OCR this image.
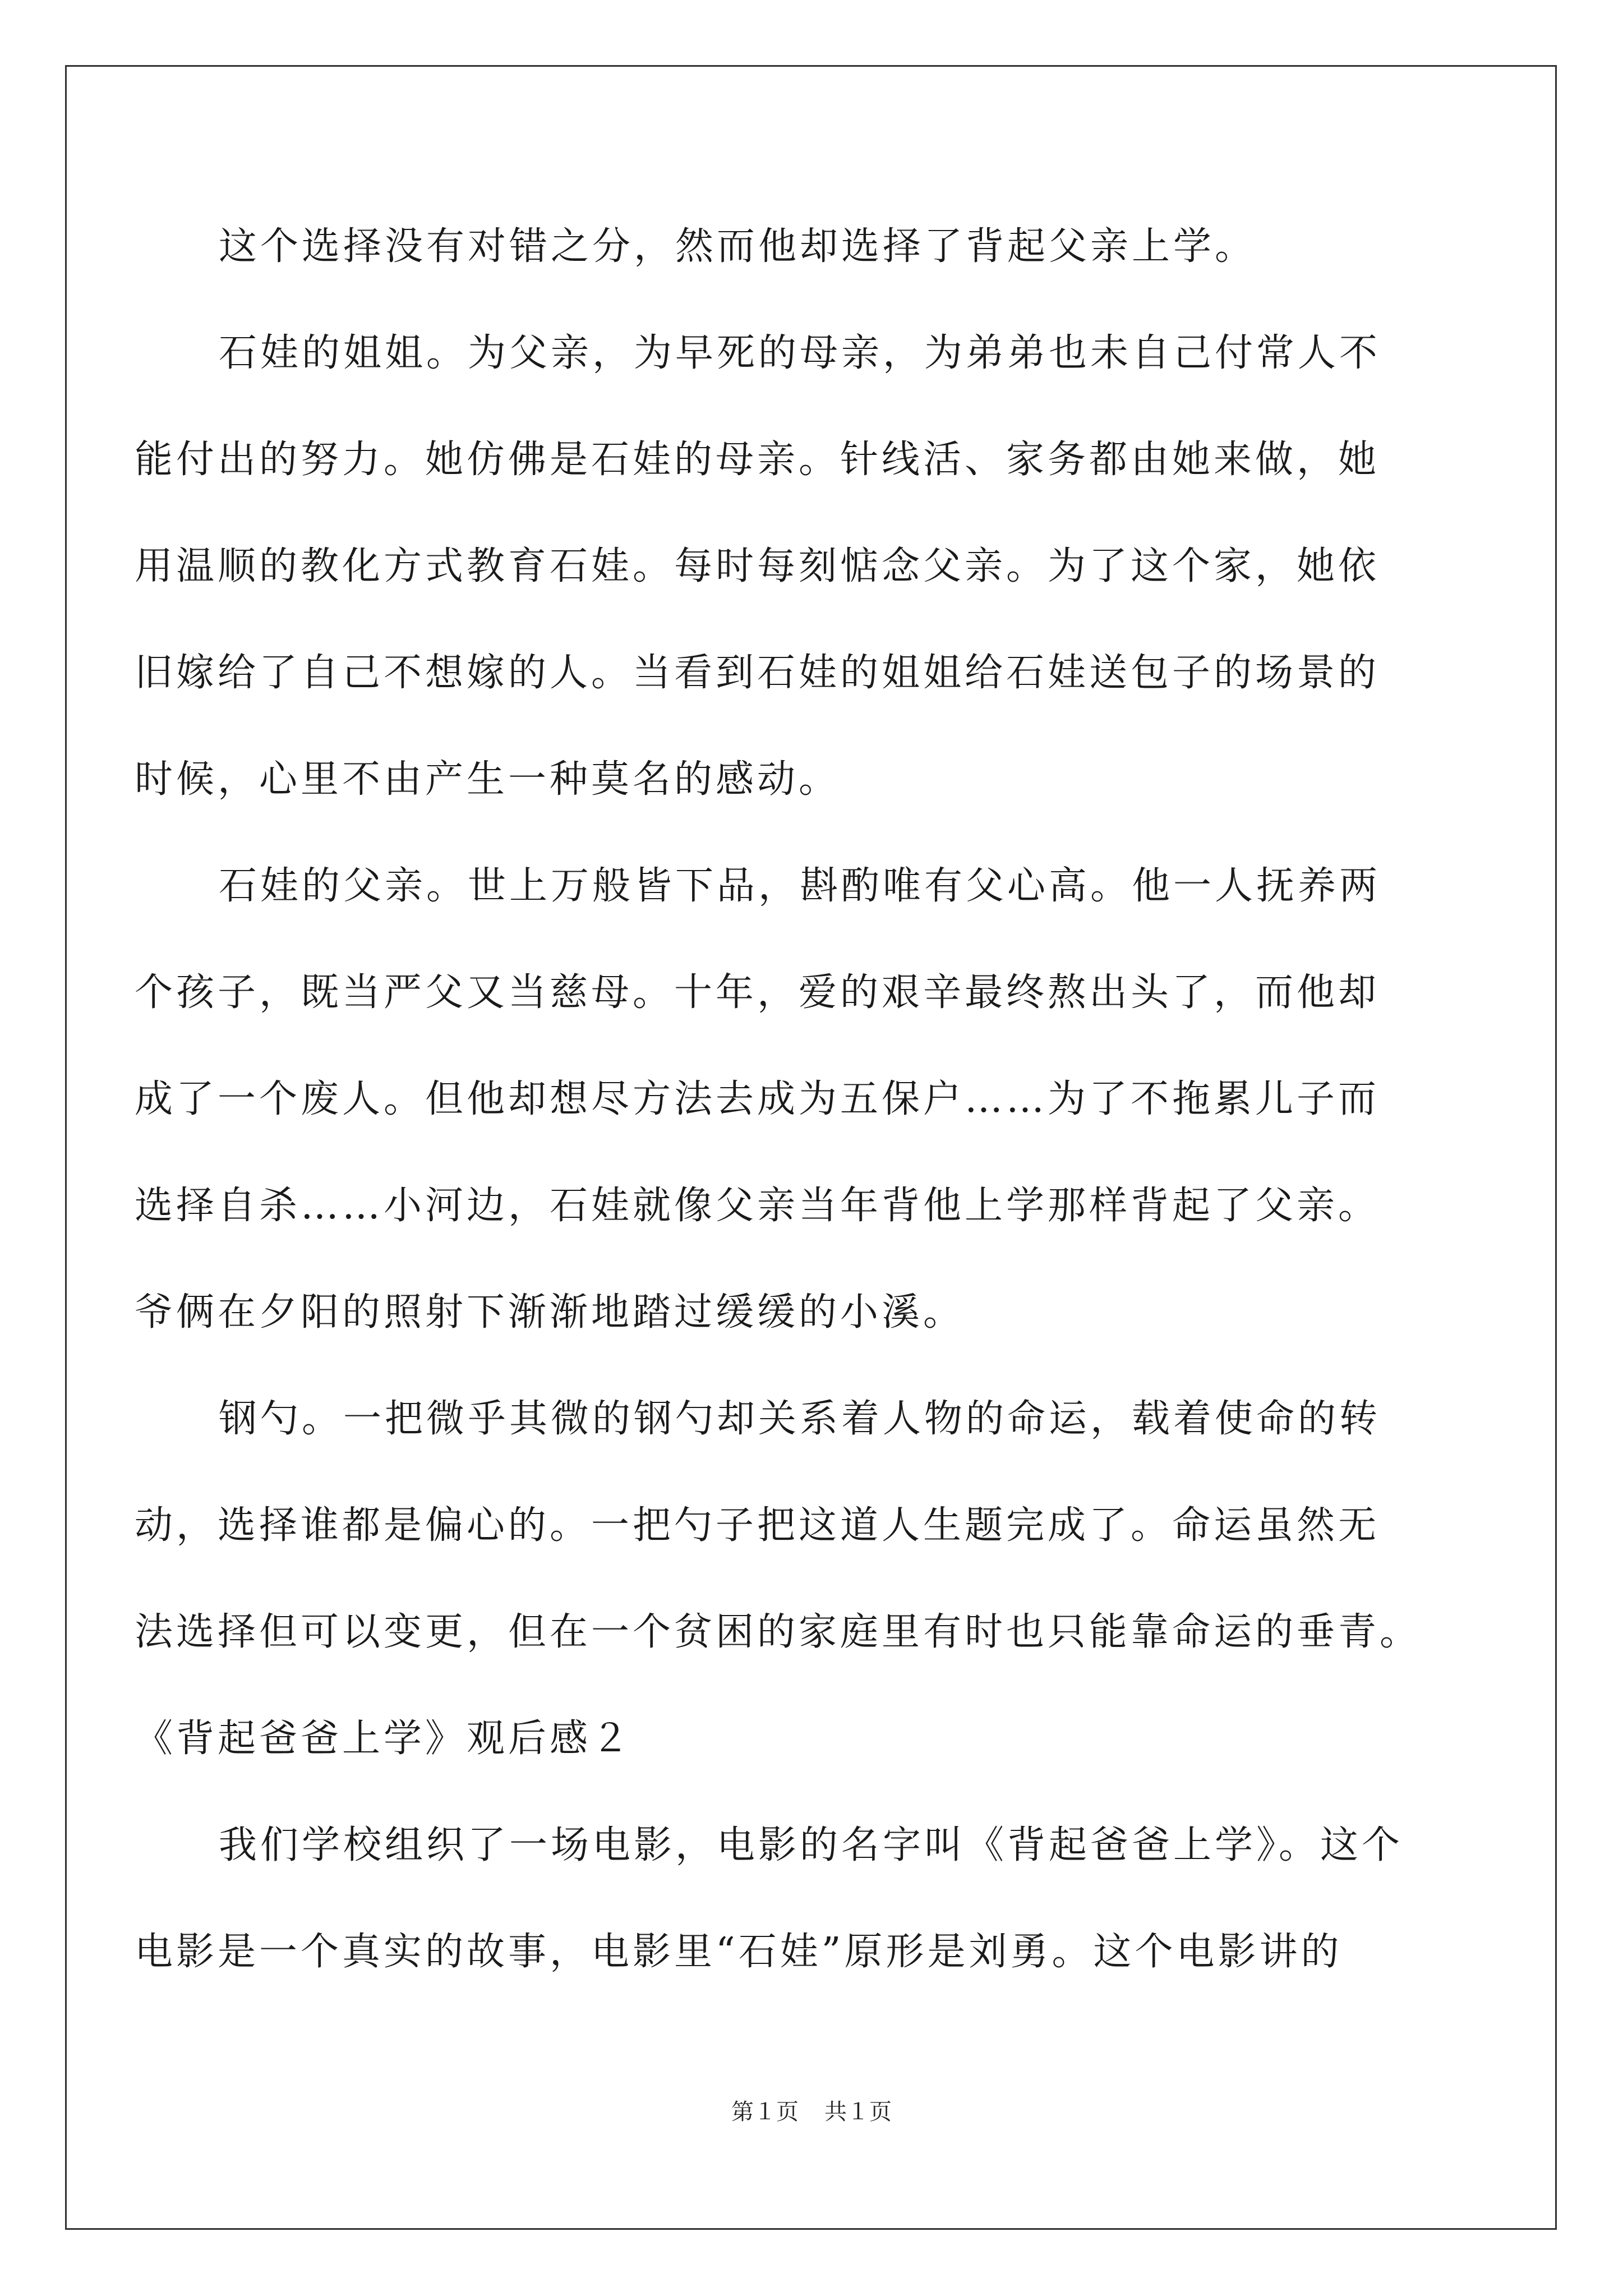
这个选择没有对错之分，然而他却选择了背起父亲上学。
石娃的姐姐。为父亲，为早死的母亲，为弟弟也未自己付常人不
能付出的努力。她仿佛是石娃的母亲。针线活、家务都由她来做，她
用温顺的教化方式教育石娃。每时每刻惦念父亲。为了这个家，她依
旧嫁给了自己不想嫁的人。当看到石娃的姐姐给石娃送包子的场景的
时候，心里不由产生一种莫名的感动。
石娃的父亲。世上万般皆下品，斟酌唯有父心高。他一人抚养两
个孩子，既当严父又当慈母。十年，爱的艰辛最终熬出头了，而他却
成了一个废人。但他却想尽方法去成为五保户……为了不拖累儿子而
选择自杀……小河边，石娃就像父亲当年背他上学那样背起了父亲。
爷俩在夕阳的照射下渐渐地踏过缓缓的小溪。
钢勺。一把微乎其微的钢勺却关系着人物的命运，载着使命的转
动，选择谁都是偏心的。一把勺子把这道人生题完成了。命运虽然无
法选择但可以变更，但在一个贫困的家庭里有时也只能靠命运的垂青。
《背起爸爸上学》观后感２
我们学校组织了一场电影，电影的名字叫《背起爸爸上学》。这个
电影是一个真实的故事，电影里“石娃”原形是刘勇。这个电影讲的
第１页 共１页
